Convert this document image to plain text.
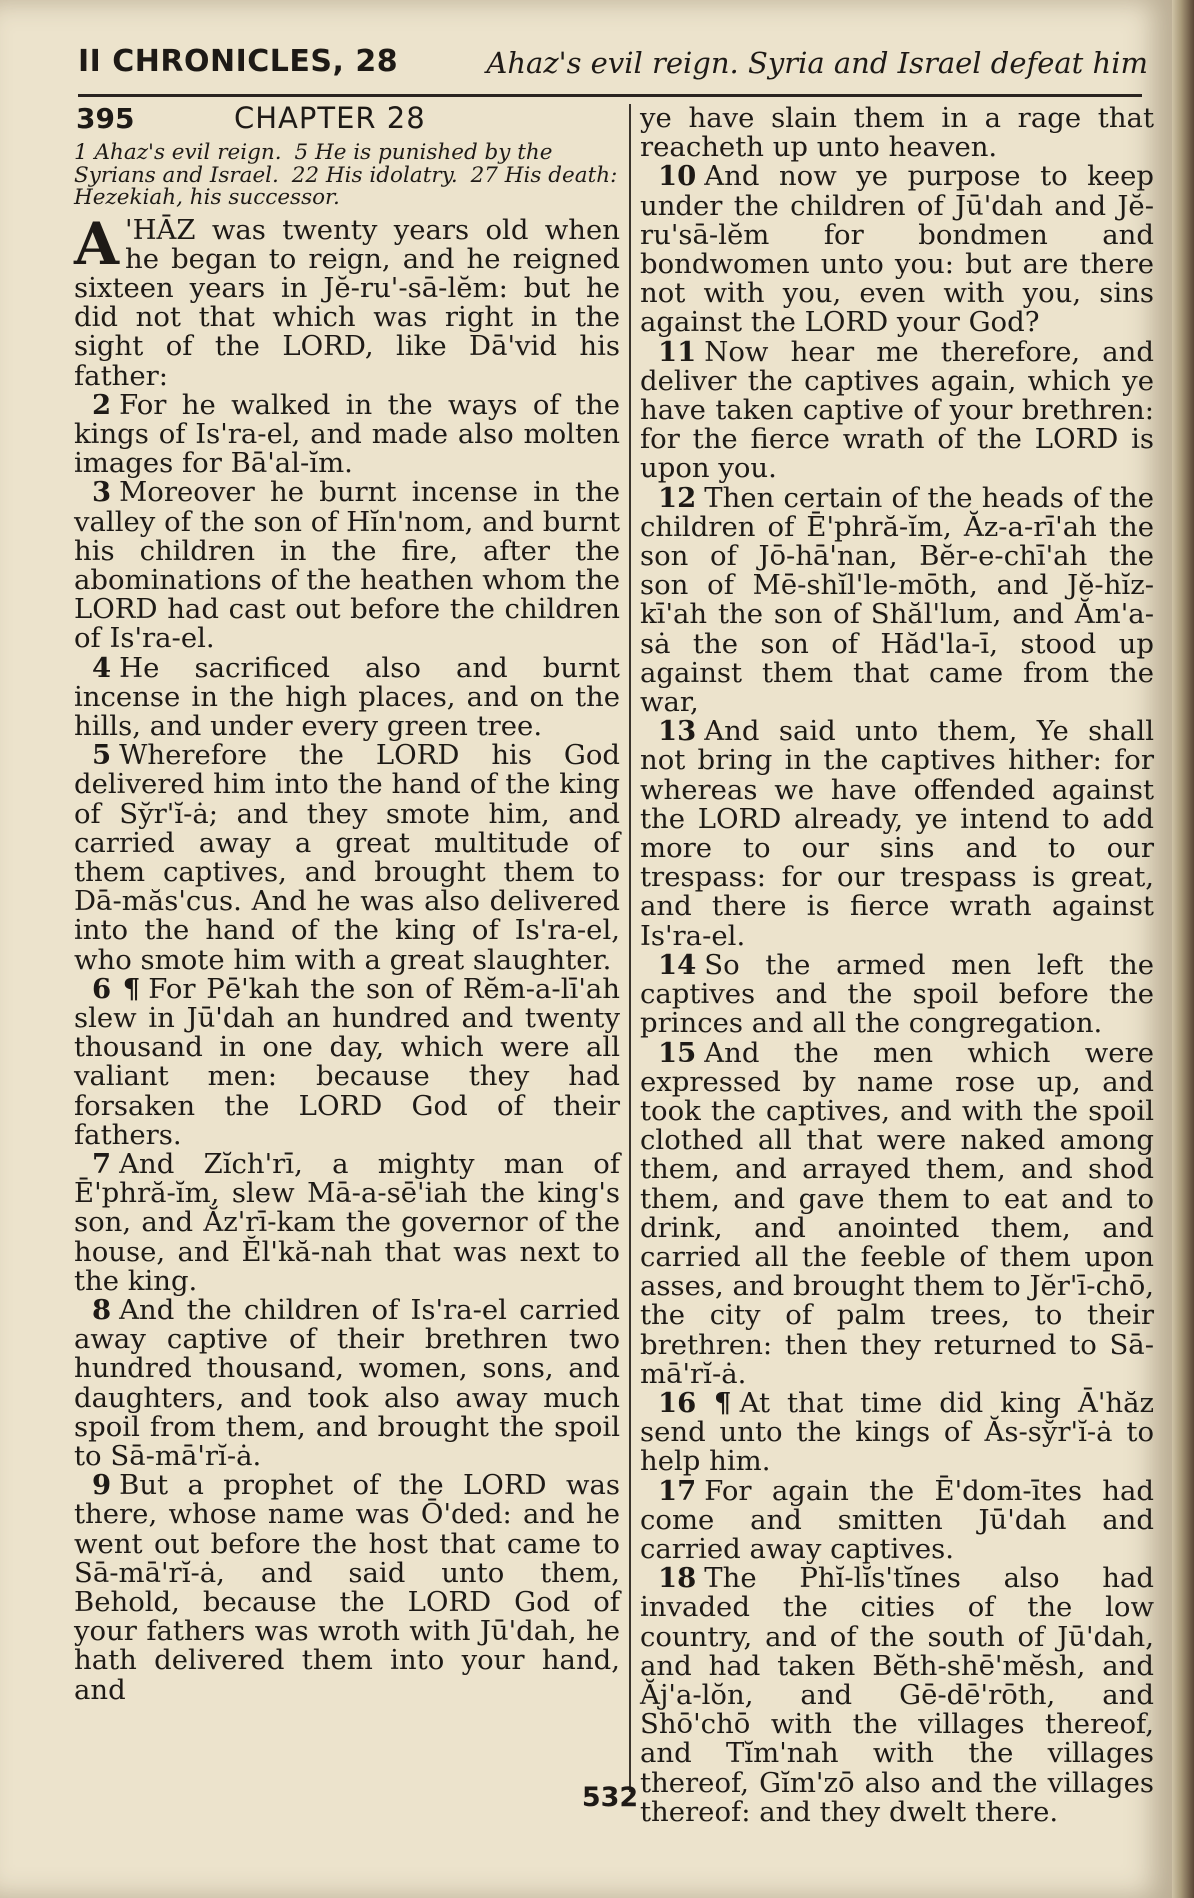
II CHRONICLES, 28	Ahaz's evil reign. Syria and Israel defeat him
395	CHAPTER 28
1 Ahaz's evil reign. 5 He is punished by the Syrians and Israel. 22 His idolatry. 27 His death: Hezekiah, his successor.

A 'HĀZ was twenty years old when he began to reign, and he reigned sixteen years in Jĕ-ru'-sā-lĕm: but he did not that which was right in the sight of the LORD, like Dā'vid his father:

2 For he walked in the ways of the kings of Is'ra-el, and made also molten images for Bā'al-ĭm.

3 Moreover he burnt incense in the valley of the son of Hĭn'nom, and burnt his children in the fire, after the abominations of the heathen whom the LORD had cast out before the children of Is'ra-el.

4 He sacrificed also and burnt incense in the high places, and on the hills, and under every green tree.

5 Wherefore the LORD his God delivered him into the hand of the king of Sy̆r'ĭ-ȧ; and they smote him, and carried away a great multitude of them captives, and brought them to Dā-măs'cus. And he was also delivered into the hand of the king of Is'ra-el, who smote him with a great slaughter.

6 ¶ For Pē'kah the son of Rĕm-a-lī'ah slew in Jū'dah an hundred and twenty thousand in one day, which were all valiant men: because they had forsaken the LORD God of their fathers.

7 And Zĭch'rī, a mighty man of Ē'phră-ĭm, slew Mā-a-sē'iah the king's son, and Ăz'rī-kam the governor of the house, and Ĕl'kă-nah that was next to the king.

8 And the children of Is'ra-el carried away captive of their brethren two hundred thousand, women, sons, and daughters, and took also away much spoil from them, and brought the spoil to Sā-mā'rĭ-ȧ.

9 But a prophet of the LORD was there, whose name was Ō'ded: and he went out before the host that came to Sā-mā'rĭ-ȧ, and said unto them, Behold, because the LORD God of your fathers was wroth with Jū'dah, he hath delivered them into your hand, and

ye have slain them in a rage that reacheth up unto heaven.

10 And now ye purpose to keep under the children of Jū'dah and Jĕ-ru'sā-lĕm for bondmen and bondwomen unto you: but are there not with you, even with you, sins against the LORD your God?

11 Now hear me therefore, and deliver the captives again, which ye have taken captive of your brethren: for the fierce wrath of the LORD is upon you.

12 Then certain of the heads of the children of Ē'phră-ĭm, Ăz-a-rī'ah the son of Jō-hā'nan, Bĕr-e-chī'ah the son of Mē-shĭl'le-mōth, and Jĕ-hĭz-kī'ah the son of Shăl'lum, and Ăm'a-sȧ the son of Hăd'la-ī, stood up against them that came from the war,

13 And said unto them, Ye shall not bring in the captives hither: for whereas we have offended against the LORD already, ye intend to add more to our sins and to our trespass: for our trespass is great, and there is fierce wrath against Is'ra-el.

14 So the armed men left the captives and the spoil before the princes and all the congregation.

15 And the men which were expressed by name rose up, and took the captives, and with the spoil clothed all that were naked among them, and arrayed them, and shod them, and gave them to eat and to drink, and anointed them, and carried all the feeble of them upon asses, and brought them to Jĕr'ī-chō, the city of palm trees, to their brethren: then they returned to Sā-mā'rĭ-ȧ.

16 ¶ At that time did king Ā'hăz send unto the kings of Ăs-sy̆r'ĭ-ȧ to help him.

17 For again the Ē'dom-ītes had come and smitten Jū'dah and carried away captives.

18 The Phĭ-lĭs'tĭnes also had invaded the cities of the low country, and of the south of Jū'dah, and had taken Bĕth-shē'mĕsh, and Ăj'a-lŏn, and Gē-dē'rōth, and Shō'chō with the villages thereof, and Tĭm'nah with the villages thereof, Gĭm'zō also and the villages thereof: and they dwelt there.

532
